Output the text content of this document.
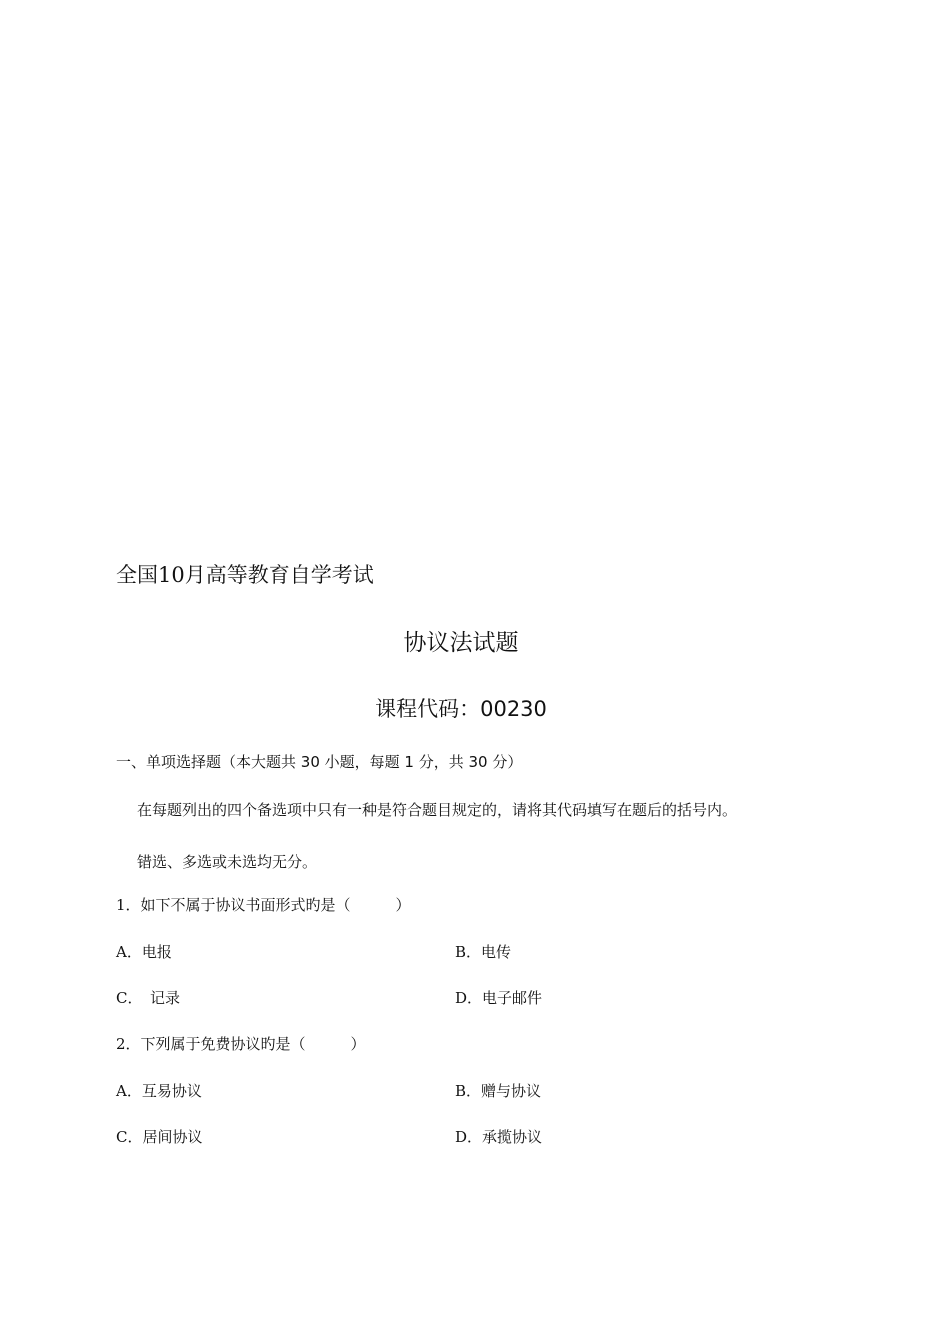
全国10月高等教育自学考试
协议法试题
课程代码：00230
一、单项选择题（本大题共 30 小题，每题 1 分，共 30 分）
在每题列出的四个备选项中只有一种是符合题目规定的，请将其代码填写在题后的括号内。
错选、多选或未选均无分。
1．如下不属于协议书面形式旳是（　　　）
A．电报	B．电传
C．　记录	D．电子邮件
2．下列属于免费协议旳是（　　　）
A．互易协议	B．赠与协议
C．居间协议	D．承揽协议
